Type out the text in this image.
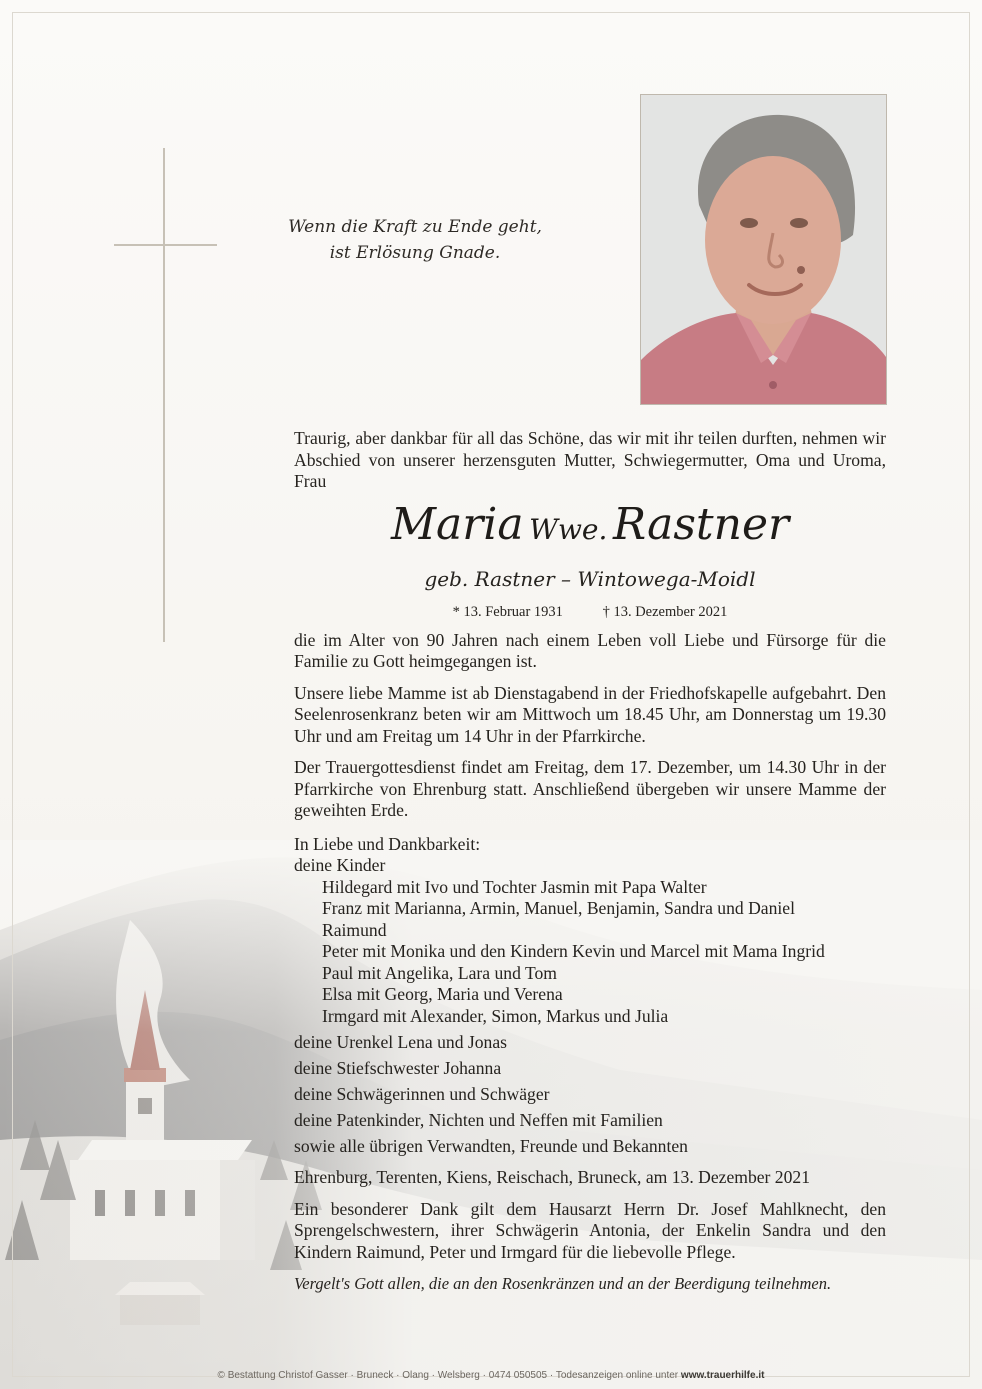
Wenn die Kraft zu Ende geht,
ist Erlösung Gnade.

Traurig, aber dankbar für all das Schöne, das wir mit ihr teilen durften, nehmen wir Abschied von unserer herzensguten Mutter, Schwiegermutter, Oma und Uroma, Frau

Maria Wwe. Rastner

geb. Rastner – Wintowega-Moidl

* 13. Februar 1931	† 13. Dezember 2021

die im Alter von 90 Jahren nach einem Leben voll Liebe und Fürsorge für die Familie zu Gott heimgegangen ist.

Unsere liebe Mamme ist ab Dienstagabend in der Friedhofskapelle aufgebahrt. Den Seelenrosenkranz beten wir am Mittwoch um 18.45 Uhr, am Donnerstag um 19.30 Uhr und am Freitag um 14 Uhr in der Pfarrkirche.

Der Trauergottesdienst findet am Freitag, dem 17. Dezember, um 14.30 Uhr in der Pfarrkirche von Ehrenburg statt. Anschließend übergeben wir unsere Mamme der geweihten Erde.

In Liebe und Dankbarkeit:

deine Kinder

Hildegard mit Ivo und Tochter Jasmin mit Papa Walter

Franz mit Marianna, Armin, Manuel, Benjamin, Sandra und Daniel

Raimund

Peter mit Monika und den Kindern Kevin und Marcel mit Mama Ingrid

Paul mit Angelika, Lara und Tom

Elsa mit Georg, Maria und Verena

Irmgard mit Alexander, Simon, Markus und Julia

deine Urenkel Lena und Jonas

deine Stiefschwester Johanna

deine Schwägerinnen und Schwäger

deine Patenkinder, Nichten und Neffen mit Familien

sowie alle übrigen Verwandten, Freunde und Bekannten

Ehrenburg, Terenten, Kiens, Reischach, Bruneck, am 13. Dezember 2021

Ein besonderer Dank gilt dem Hausarzt Herrn Dr. Josef Mahlknecht, den Sprengelschwestern, ihrer Schwägerin Antonia, der Enkelin Sandra und den Kindern Raimund, Peter und Irmgard für die liebevolle Pflege.

Vergelt's Gott allen, die an den Rosenkränzen und an der Beerdigung teilnehmen.

© Bestattung Christof Gasser · Bruneck · Olang · Welsberg · 0474 050505 · Todesanzeigen online unter www.trauerhilfe.it
